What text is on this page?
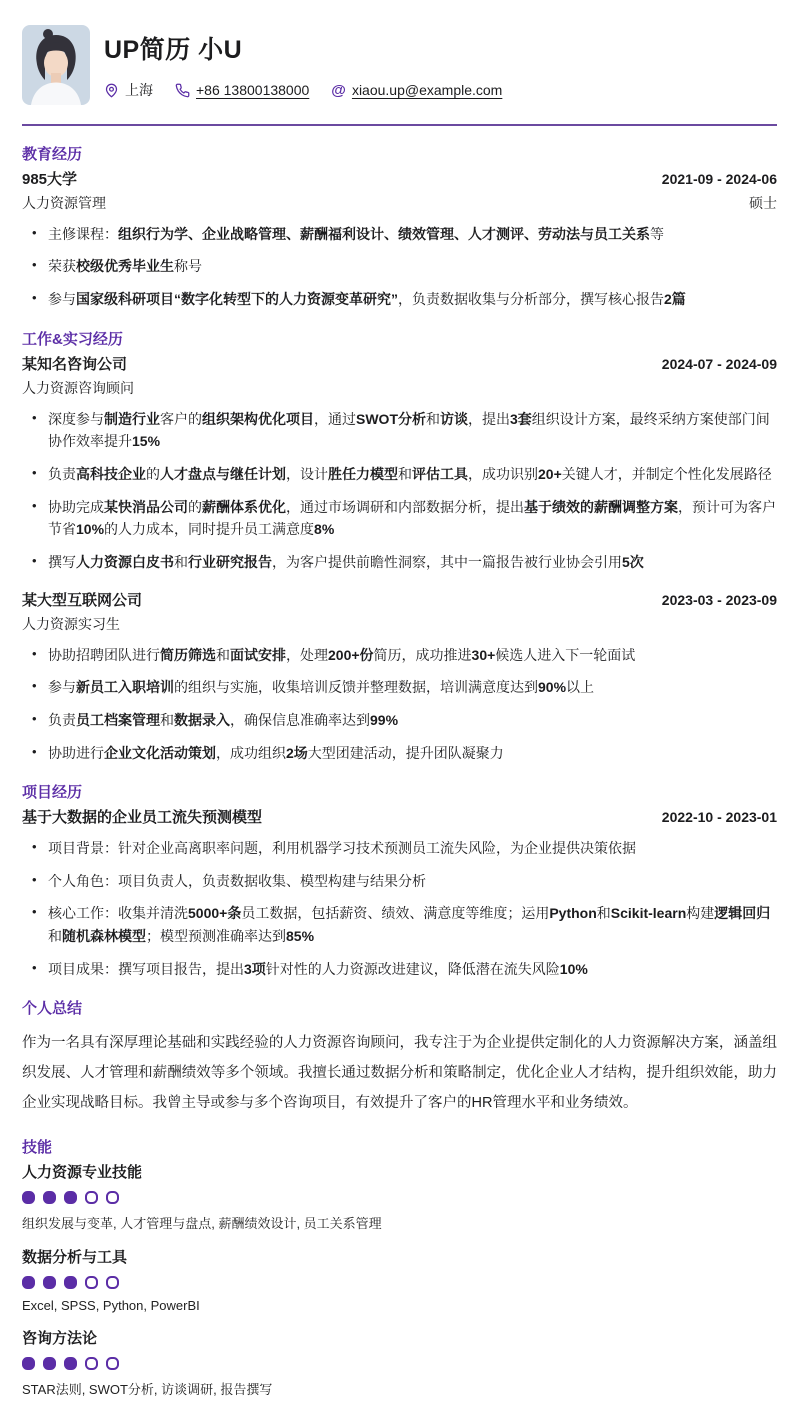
UP简历 小U
上海	+86 13800138000 @ xiaou.up@example.com
教育经历
985大学	2021-09 - 2024-06
人力资源管理	硕士
• 主修课程：组织行为学、企业战略管理、薪酬福利设计、绩效管理、人才测评、劳动法与员工关系等
• 荣获校级优秀毕业生称号
• 参与国家级科研项目“数字化转型下的人力资源变革研究”，负责数据收集与分析部分，撰写核心报告2篇
工作&实习经历
某知名咨询公司	2024-07 - 2024-09
人力资源咨询顾问
• 深度参与制造行业客户的组织架构优化项目，通过SWOT分析和访谈，提出3套组织设计方案，最终采纳方案使部门间协作效率提升15%
• 负责高科技企业的人才盘点与继任计划，设计胜任力模型和评估工具，成功识别20+关键人才，并制定个性化发展路径
• 协助完成某快消品公司的薪酬体系优化，通过市场调研和内部数据分析，提出基于绩效的薪酬调整方案，预计可为客户节省10%的人力成本，同时提升员工满意度8%
• 撰写人力资源白皮书和行业研究报告，为客户提供前瞻性洞察，其中一篇报告被行业协会引用5次
某大型互联网公司	2023-03 - 2023-09
人力资源实习生
• 协助招聘团队进行简历筛选和面试安排，处理200+份简历，成功推进30+候选人进入下一轮面试
• 参与新员工入职培训的组织与实施，收集培训反馈并整理数据，培训满意度达到90%以上
• 负责员工档案管理和数据录入，确保信息准确率达到99%
• 协助进行企业文化活动策划，成功组织2场大型团建活动，提升团队凝聚力
项目经历
基于大数据的企业员工流失预测模型	2022-10 - 2023-01
• 项目背景：针对企业高离职率问题，利用机器学习技术预测员工流失风险，为企业提供决策依据
• 个人角色：项目负责人，负责数据收集、模型构建与结果分析
• 核心工作：收集并清洗5000+条员工数据，包括薪资、绩效、满意度等维度；运用Python和Scikit-learn构建逻辑回归和随机森林模型；模型预测准确率达到85%
• 项目成果：撰写项目报告，提出3项针对性的人力资源改进建议，降低潜在流失风险10%
个人总结
作为一名具有深厚理论基础和实践经验的人力资源咨询顾问，我专注于为企业提供定制化的人力资源解决方案，涵盖组织发展、人才管理和薪酬绩效等多个领域。我擅长通过数据分析和策略制定，优化企业人才结构，提升组织效能，助力企业实现战略目标。我曾主导或参与多个咨询项目，有效提升了客户的HR管理水平和业务绩效。
技能
人力资源专业技能
组织发展与变革, 人才管理与盘点, 薪酬绩效设计, 员工关系管理
数据分析与工具
Excel, SPSS, Python, PowerBI
咨询方法论
STAR法则, SWOT分析, 访谈调研, 报告撰写
